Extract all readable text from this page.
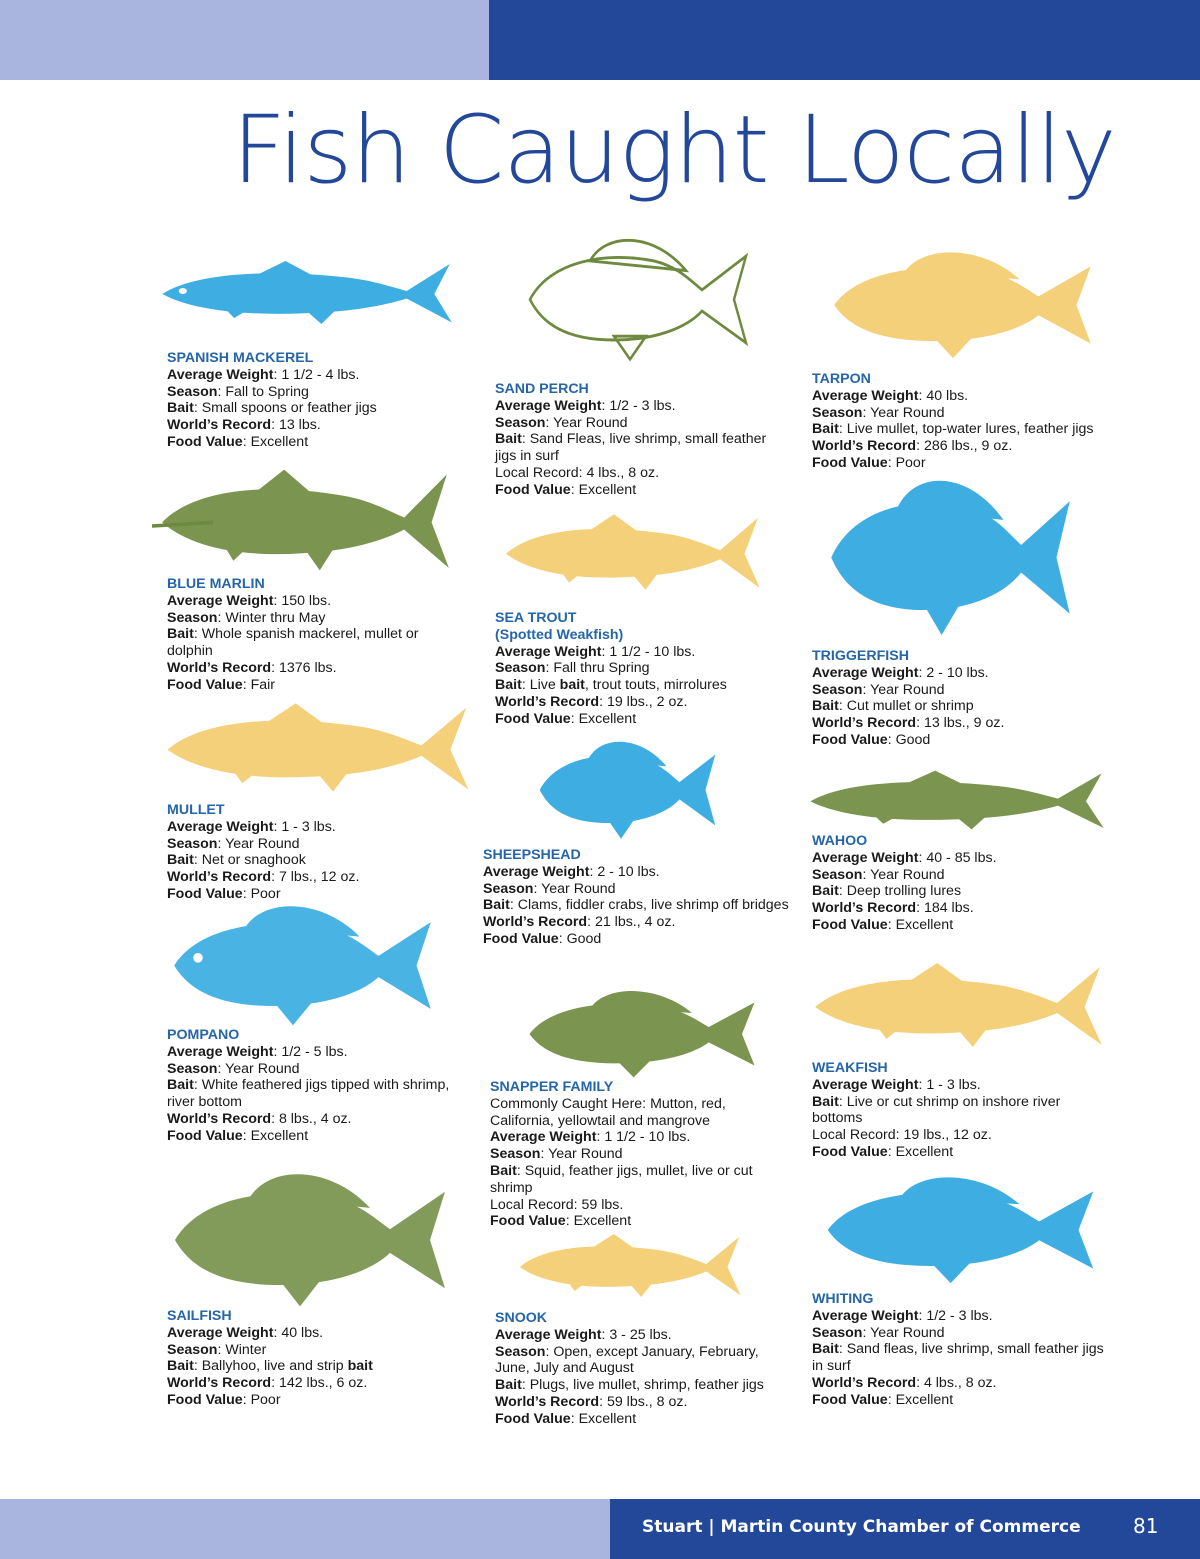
Fish Caught Locally
SPANISH MACKEREL
Average Weight: 1 1/2 - 4 lbs.
Season: Fall to Spring
Bait: Small spoons or feather jigs
World’s Record: 13 lbs.
Food Value: Excellent
BLUE MARLIN
Average Weight: 150 lbs.
Season: Winter thru May
Bait: Whole spanish mackerel, mullet or dolphin
World’s Record: 1376 lbs.
Food Value: Fair
MULLET
Average Weight: 1 - 3 lbs.
Season: Year Round
Bait: Net or snaghook
World’s Record: 7 lbs., 12 oz.
Food Value: Poor
POMPANO
Average Weight: 1/2 - 5 lbs.
Season: Year Round
Bait: White feathered jigs tipped with shrimp, river bottom
World’s Record: 8 lbs., 4 oz.
Food Value: Excellent
SAILFISH
Average Weight: 40 lbs.
Season: Winter
Bait: Ballyhoo, live and strip bait
World’s Record: 142 lbs., 6 oz.
Food Value: Poor
SAND PERCH
Average Weight: 1/2 - 3 lbs.
Season: Year Round
Bait: Sand Fleas, live shrimp, small feather jigs in surf
Local Record: 4 lbs., 8 oz.
Food Value: Excellent
SEA TROUT
(Spotted Weakfish)
Average Weight: 1 1/2 - 10 lbs.
Season: Fall thru Spring
Bait: Live bait, trout touts, mirrolures
World’s Record: 19 lbs., 2 oz.
Food Value: Excellent
SHEEPSHEAD
Average Weight: 2 - 10 lbs.
Season: Year Round
Bait: Clams, fiddler crabs, live shrimp off bridges
World’s Record: 21 lbs., 4 oz.
Food Value: Good
SNAPPER FAMILY
Commonly Caught Here: Mutton, red, California, yellowtail and mangrove
Average Weight: 1 1/2 - 10 lbs.
Season: Year Round
Bait: Squid, feather jigs, mullet, live or cut shrimp
Local Record: 59 lbs.
Food Value: Excellent
SNOOK
Average Weight: 3 - 25 lbs.
Season: Open, except January, February, June, July and August
Bait: Plugs, live mullet, shrimp, feather jigs
World’s Record: 59 lbs., 8 oz.
Food Value: Excellent
TARPON
Average Weight: 40 lbs.
Season: Year Round
Bait: Live mullet, top-water lures, feather jigs
World’s Record: 286 lbs., 9 oz.
Food Value: Poor
TRIGGERFISH
Average Weight: 2 - 10 lbs.
Season: Year Round
Bait: Cut mullet or shrimp
World’s Record: 13 lbs., 9 oz.
Food Value: Good
WAHOO
Average Weight: 40 - 85 lbs.
Season: Year Round
Bait: Deep trolling lures
World’s Record: 184 lbs.
Food Value: Excellent
WEAKFISH
Average Weight: 1 - 3 lbs.
Bait: Live or cut shrimp on inshore river bottoms
Local Record: 19 lbs., 12 oz.
Food Value: Excellent
WHITING
Average Weight: 1/2 - 3 lbs.
Season: Year Round
Bait: Sand fleas, live shrimp, small feather jigs in surf
World’s Record: 4 lbs., 8 oz.
Food Value: Excellent
Stuart | Martin County Chamber of Commerce	81
